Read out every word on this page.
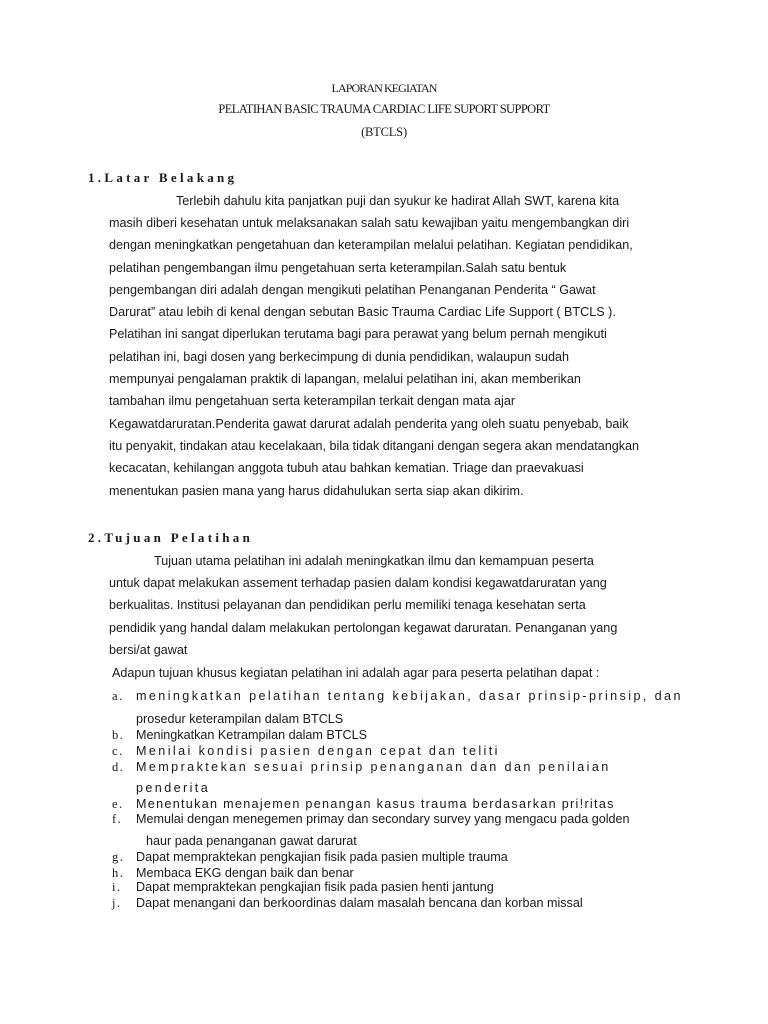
LAPORAN KEGIATAN
PELATIHAN BASIC TRAUMA CARDIAC LIFE SUPORT SUPPORT
(BTCLS)
1.Latar Belakang
Terlebih dahulu kita panjatkan puji dan syukur ke hadirat Allah SWT, karena kita
masih diberi kesehatan untuk melaksanakan salah satu kewajiban yaitu mengembangkan diri
dengan meningkatkan pengetahuan dan keterampilan melalui pelatihan. Kegiatan pendidikan,
pelatihan pengembangan ilmu pengetahuan serta keterampilan.Salah satu bentuk
pengembangan diri adalah dengan mengikuti pelatihan Penanganan Penderita “ Gawat
Darurat” atau lebih di kenal dengan sebutan Basic Trauma Cardiac Life Support ( BTCLS ).
Pelatihan ini sangat diperlukan terutama bagi para perawat yang belum pernah mengikuti
pelatihan ini, bagi dosen yang berkecimpung di dunia pendidikan, walaupun sudah
mempunyai pengalaman praktik di lapangan, melalui pelatihan ini, akan memberikan
tambahan ilmu pengetahuan serta keterampilan terkait dengan mata ajar
Kegawatdaruratan.Penderita gawat darurat adalah penderita yang oleh suatu penyebab, baik
itu penyakit, tindakan atau kecelakaan, bila tidak ditangani dengan segera akan mendatangkan
kecacatan, kehilangan anggota tubuh atau bahkan kematian. Triage dan praevakuasi
menentukan pasien mana yang harus didahulukan serta siap akan dikirim.
2.Tujuan Pelatihan
Tujuan utama pelatihan ini adalah meningkatkan ilmu dan kemampuan peserta
untuk dapat melakukan assement terhadap pasien dalam kondisi kegawatdaruratan yang
berkualitas. Institusi pelayanan dan pendidikan perlu memiliki tenaga kesehatan serta
pendidik yang handal dalam melakukan pertolongan kegawat daruratan. Penanganan yang
bersi/at gawat
Adapun tujuan khusus kegiatan pelatihan ini adalah agar para peserta pelatihan dapat :
a. meningkatkan pelatihan tentang kebijakan, dasar prinsip-prinsip, dan
prosedur keterampilan dalam BTCLS
b. Meningkatkan Ketrampilan dalam BTCLS
c. Menilai kondisi pasien dengan cepat dan teliti
d. Mempraktekan sesuai prinsip penanganan dan dan penilaian
penderita
e. Menentukan menajemen penangan kasus trauma berdasarkan pri!ritas
f. Memulai dengan menegemen primay dan secondary survey yang mengacu pada golden
haur pada penanganan gawat darurat
g. Dapat mempraktekan pengkajian fisik pada pasien multiple trauma
h. Membaca EKG dengan baik dan benar
i. Dapat mempraktekan pengkajian fisik pada pasien henti jantung
j. Dapat menangani dan berkoordinas dalam masalah bencana dan korban missal
